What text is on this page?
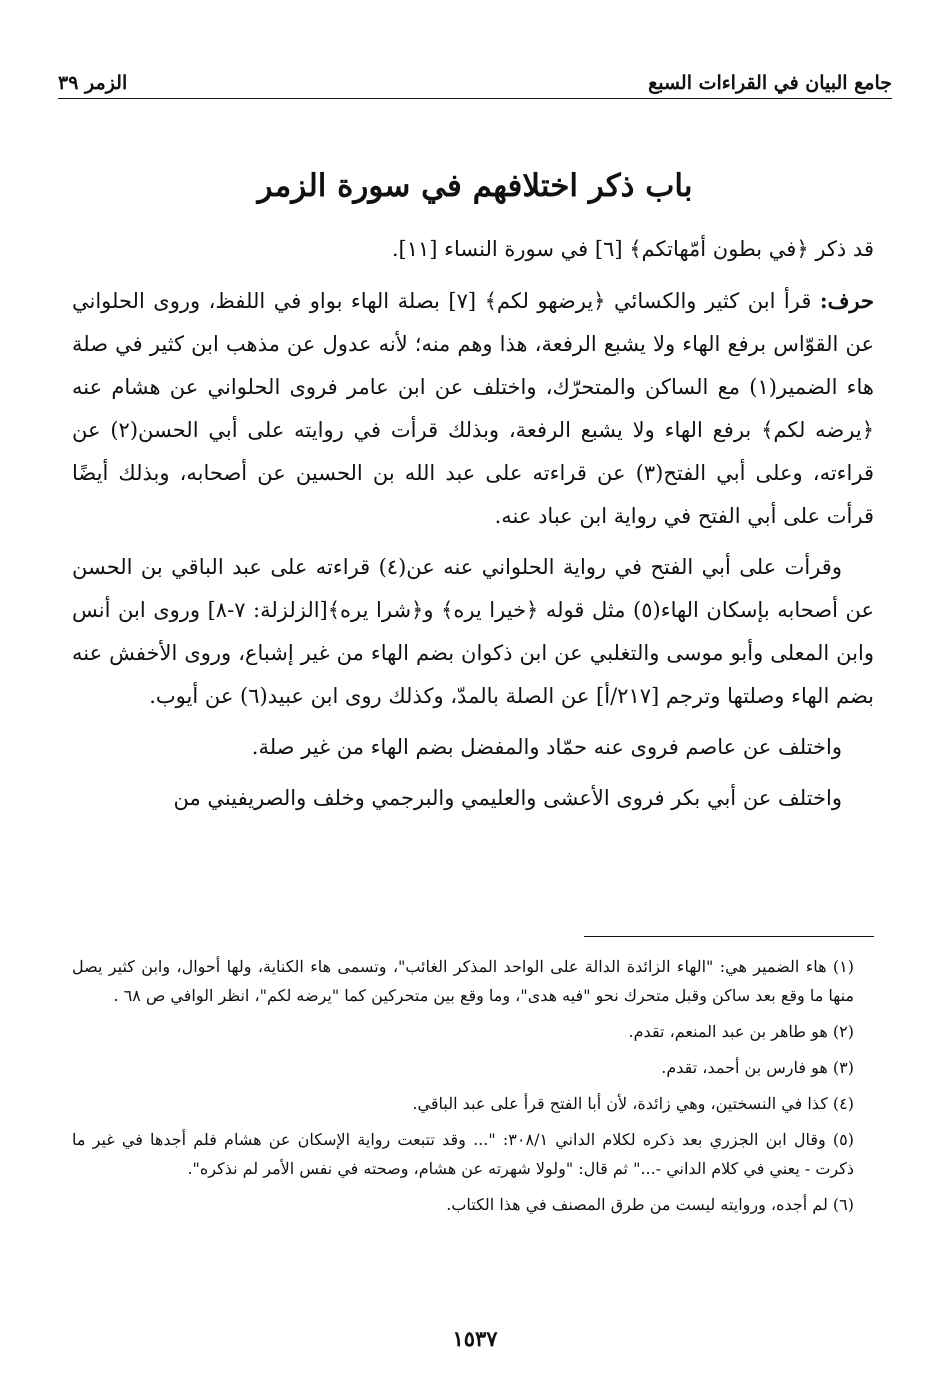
جامع البيان في القراءات السبع
الزمر ٣٩
باب ذكر اختلافهم في سورة الزمر

قد ذكر ﴿في بطون أمّهاتكم﴾ [٦] في سورة النساء [١١].

حرف: قرأ ابن كثير والكسائي ﴿يرضهو لكم﴾ [٧] بصلة الهاء بواو في اللفظ، وروى الحلواني عن القوّاس برفع الهاء ولا يشبع الرفعة، هذا وهم منه؛ لأنه عدول عن مذهب ابن كثير في صلة هاء الضمير(١) مع الساكن والمتحرّك، واختلف عن ابن عامر فروى الحلواني عن هشام عنه ﴿يرضه لكم﴾ برفع الهاء ولا يشبع الرفعة، وبذلك قرأت في روايته على أبي الحسن(٢) عن قراءته، وعلى أبي الفتح(٣) عن قراءته على عبد الله بن الحسين عن أصحابه، وبذلك أيضًا قرأت على أبي الفتح في رواية ابن عباد عنه.

وقرأت على أبي الفتح في رواية الحلواني عنه عن(٤) قراءته على عبد الباقي بن الحسن عن أصحابه بإسكان الهاء(٥) مثل قوله ﴿خيرا يره﴾ و﴿شرا يره﴾[الزلزلة: ٧-٨] وروى ابن أنس وابن المعلى وأبو موسى والتغلبي عن ابن ذكوان بضم الهاء من غير إشباع، وروى الأخفش عنه بضم الهاء وصلتها وترجم [٢١٧/أ] عن الصلة بالمدّ، وكذلك روى ابن عبيد(٦) عن أيوب.

واختلف عن عاصم فروى عنه حمّاد والمفضل بضم الهاء من غير صلة.

واختلف عن أبي بكر فروى الأعشى والعليمي والبرجمي وخلف والصريفيني من

(١) هاء الضمير هي: "الهاء الزائدة الدالة على الواحد المذكر الغائب"، وتسمى هاء الكناية، ولها أحوال، وابن كثير يصل منها ما وقع بعد ساكن وقبل متحرك نحو "فيه هدى"، وما وقع بين متحركين كما "يرضه لكم"، انظر الوافي ص ٦٨ .
(٢) هو طاهر بن عبد المنعم، تقدم.
(٣) هو فارس بن أحمد، تقدم.
(٤) كذا في النسختين، وهي زائدة، لأن أبا الفتح قرأ على عبد الباقي.
(٥) وقال ابن الجزري بعد ذكره لكلام الداني ٣٠٨/١: "... وقد تتبعت رواية الإسكان عن هشام فلم أجدها في غير ما ذكرت - يعني في كلام الداني -..." ثم قال: "ولولا شهرته عن هشام، وصحته في نفس الأمر لم نذكره".
(٦) لم أجده، وروايته ليست من طرق المصنف في هذا الكتاب.
١٥٣٧
